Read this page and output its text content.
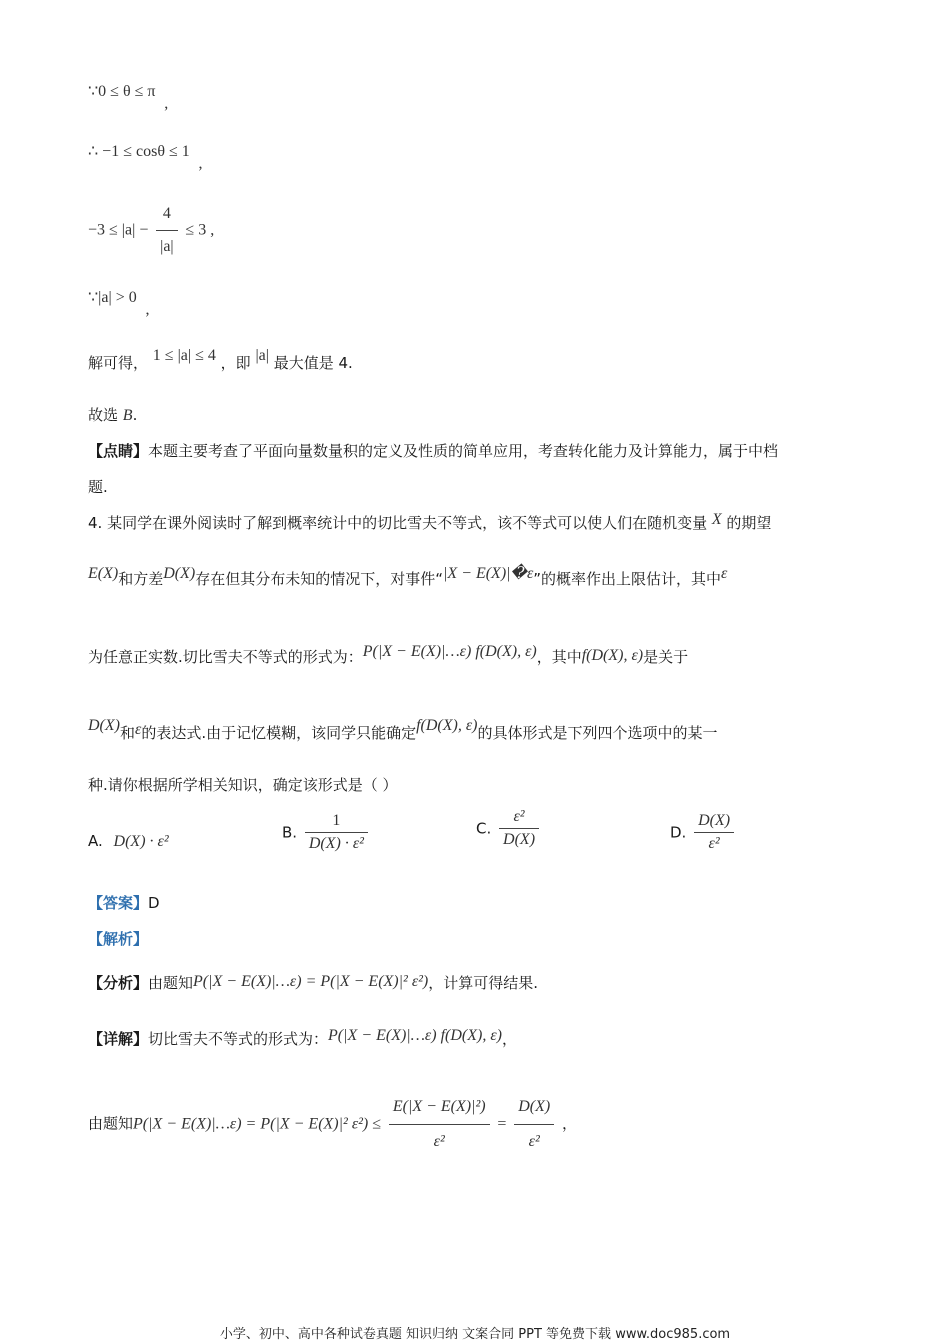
∵0 ≤ θ ≤ π ,
∴ −1 ≤ cosθ ≤ 1 ,
$-3 \le |a| - \frac{4}{|a|} \le 3$ ,
∵|a| > 0 ,
解可得， 1 ≤ |a| ≤ 4 ，即 |a| 最大值是 4.
故选 B.
【点睛】本题主要考查了平面向量数量积的定义及性质的简单应用，考查转化能力及计算能力，属于中档
题.
4. 某同学在课外阅读时了解到概率统计中的切比雪夫不等式，该不等式可以使人们在随机变量 X 的期望
E(X)和方差D(X)存在但其分布未知的情况下，对事件“|X − E(X)|�ε”的概率作出上限估计，其中ε
为任意正实数.切比雪夫不等式的形式为：P(|X − E(X)|…ε) f(D(X), ε)，其中f(D(X), ε)是关于
D(X)和ε的表达式.由于记忆模糊，该同学只能确定f(D(X), ε)的具体形式是下列四个选项中的某一
种.请你根据所学相关知识，确定该形式是（ ）
A. D(X) · ε²	B. $\frac{1}{\text{D(X) · ε²}}$	C. $\frac{\text{ε²}}{D(X)}$	D. $\frac{D(X)}{\text{ε²}}$
【答案】D
【解析】
【分析】由题知P(|X − E(X)|…ε) = P(|X − E(X)|² ε²)，计算可得结果.
【详解】切比雪夫不等式的形式为：P(|X − E(X)|…ε) f(D(X), ε)，
由题知P(|X − E(X)|…ε) = P(|X − E(X)|² $\varepsilon^2) \le \frac{\text{E(|X − E(X)|²)}}{\text{ε²}} = \frac{D(X)}{\text{ε²}}$ ，
小学、初中、高中各种试卷真题 知识归纳 文案合同 PPT 等免费下载 www.doc985.com
